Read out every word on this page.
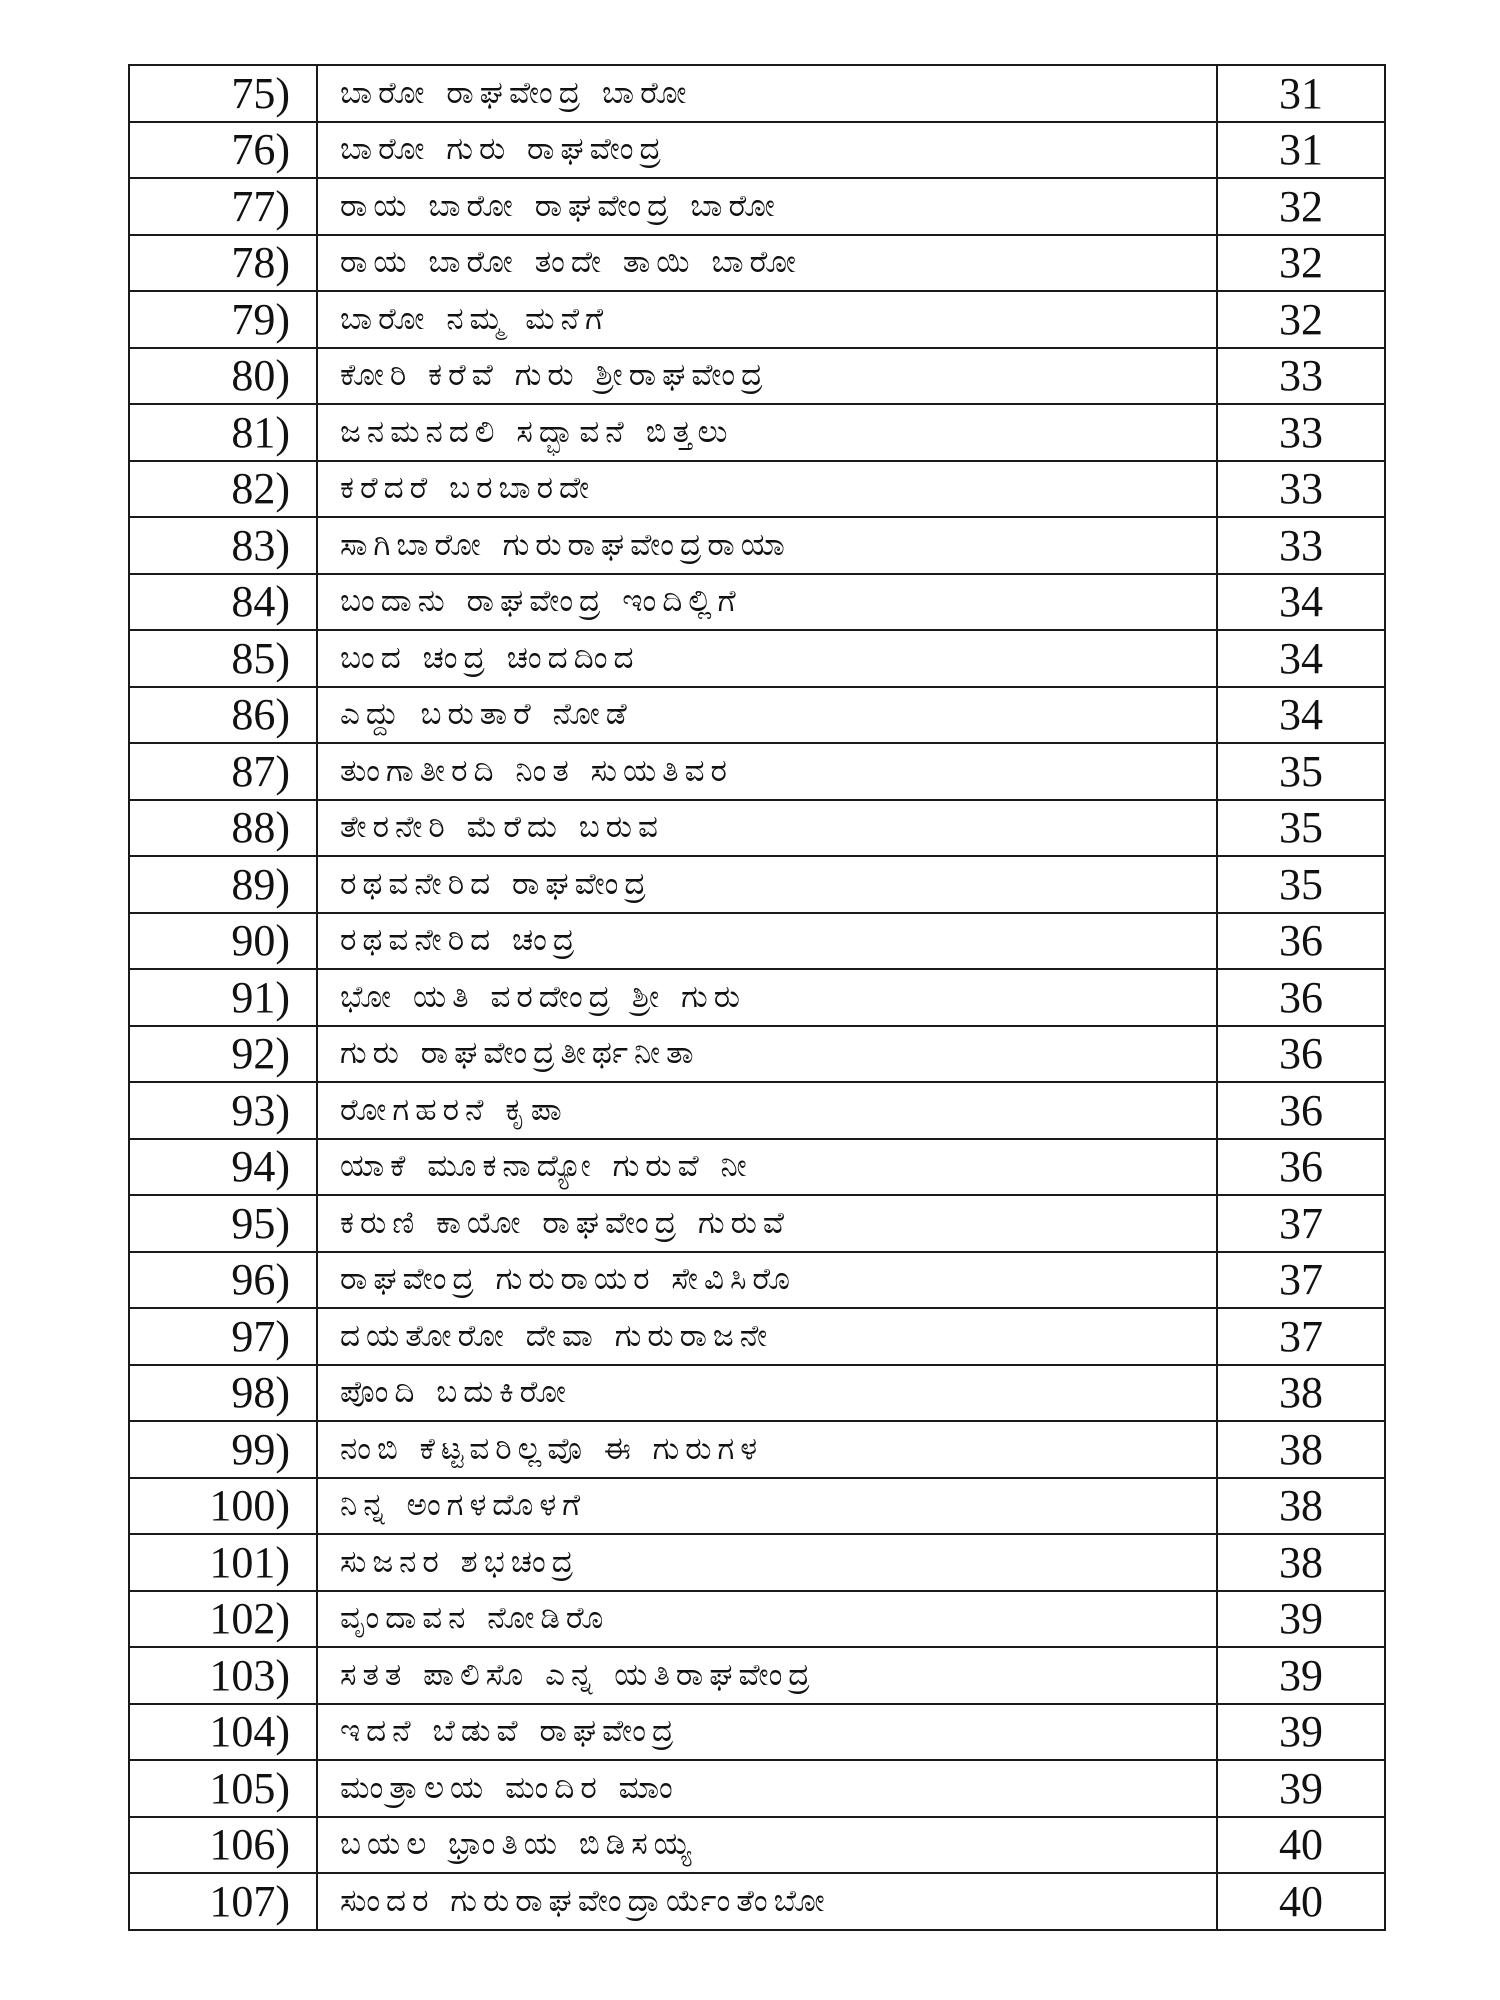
75)	ಬಾರೋ ರಾಘವೇಂದ್ರ ಬಾರೋ	31
76)	ಬಾರೋ ಗುರು ರಾಘವೇಂದ್ರ	31
77)	ರಾಯ ಬಾರೋ ರಾಘವೇಂದ್ರ ಬಾರೋ	32
78)	ರಾಯ ಬಾರೋ ತಂದೇ ತಾಯಿ ಬಾರೋ	32
79)	ಬಾರೋ ನಮ್ಮ ಮನೆಗೆ	32
80)	ಕೋರಿ ಕರೆವೆ ಗುರು ಶ್ರೀರಾಘವೇಂದ್ರ	33
81)	ಜನಮನದಲಿ ಸದ್ಭಾವನೆ ಬಿತ್ತಲು	33
82)	ಕರೆದರೆ ಬರಬಾರದೇ	33
83)	ಸಾಗಿಬಾರೋ ಗುರುರಾಘವೇಂದ್ರರಾಯಾ	33
84)	ಬಂದಾನು ರಾಘವೇಂದ್ರ ಇಂದಿಲ್ಲಿಗೆ	34
85)	ಬಂದ ಚಂದ್ರ ಚಂದದಿಂದ	34
86)	ಎದ್ದು ಬರುತಾರೆ ನೋಡೆ	34
87)	ತುಂಗಾತೀರದಿ ನಿಂತ ಸುಯತಿವರ	35
88)	ತೇರನೇರಿ ಮೆರೆದು ಬರುವ	35
89)	ರಥವನೇರಿದ ರಾಘವೇಂದ್ರ	35
90)	ರಥವನೇರಿದ ಚಂದ್ರ	36
91)	ಭೋ ಯತಿ ವರದೇಂದ್ರ ಶ್ರೀ ಗುರು	36
92)	ಗುರು ರಾಘವೇಂದ್ರತೀರ್ಥನೀತಾ	36
93)	ರೋಗಹರನೆ ಕೃಪಾ	36
94)	ಯಾಕೆ ಮೂಕನಾದ್ಯೋ ಗುರುವೆ ನೀ	36
95)	ಕರುಣಿ ಕಾಯೋ ರಾಘವೇಂದ್ರ ಗುರುವೆ	37
96)	ರಾಘವೇಂದ್ರ ಗುರುರಾಯರ ಸೇವಿಸಿರೊ	37
97)	ದಯತೋರೋ ದೇವಾ ಗುರುರಾಜನೇ	37
98)	ಪೊಂದಿ ಬದುಕಿರೋ	38
99)	ನಂಬಿ ಕೆಟ್ಟವರಿಲ್ಲವೊ ಈ ಗುರುಗಳ	38
100)	ನಿನ್ನ ಅಂಗಳದೊಳಗೆ	38
101)	ಸುಜನರ ಶಭಚಂದ್ರ	38
102)	ವೃಂದಾವನ ನೋಡಿರೊ	39
103)	ಸತತ ಪಾಲಿಸೊ ಎನ್ನ ಯತಿರಾಘವೇಂದ್ರ	39
104)	ಇದನೆ ಬೆಡುವೆ ರಾಘವೇಂದ್ರ	39
105)	ಮಂತ್ರಾಲಯ ಮಂದಿರ ಮಾಂ	39
106)	ಬಯಲ ಭ್ರಾಂತಿಯ ಬಿಡಿಸಯ್ಯ	40
107)	ಸುಂದರ ಗುರುರಾಘವೇಂದ್ರಾರ್ಯೆಂತೆಂಬೋ	40
